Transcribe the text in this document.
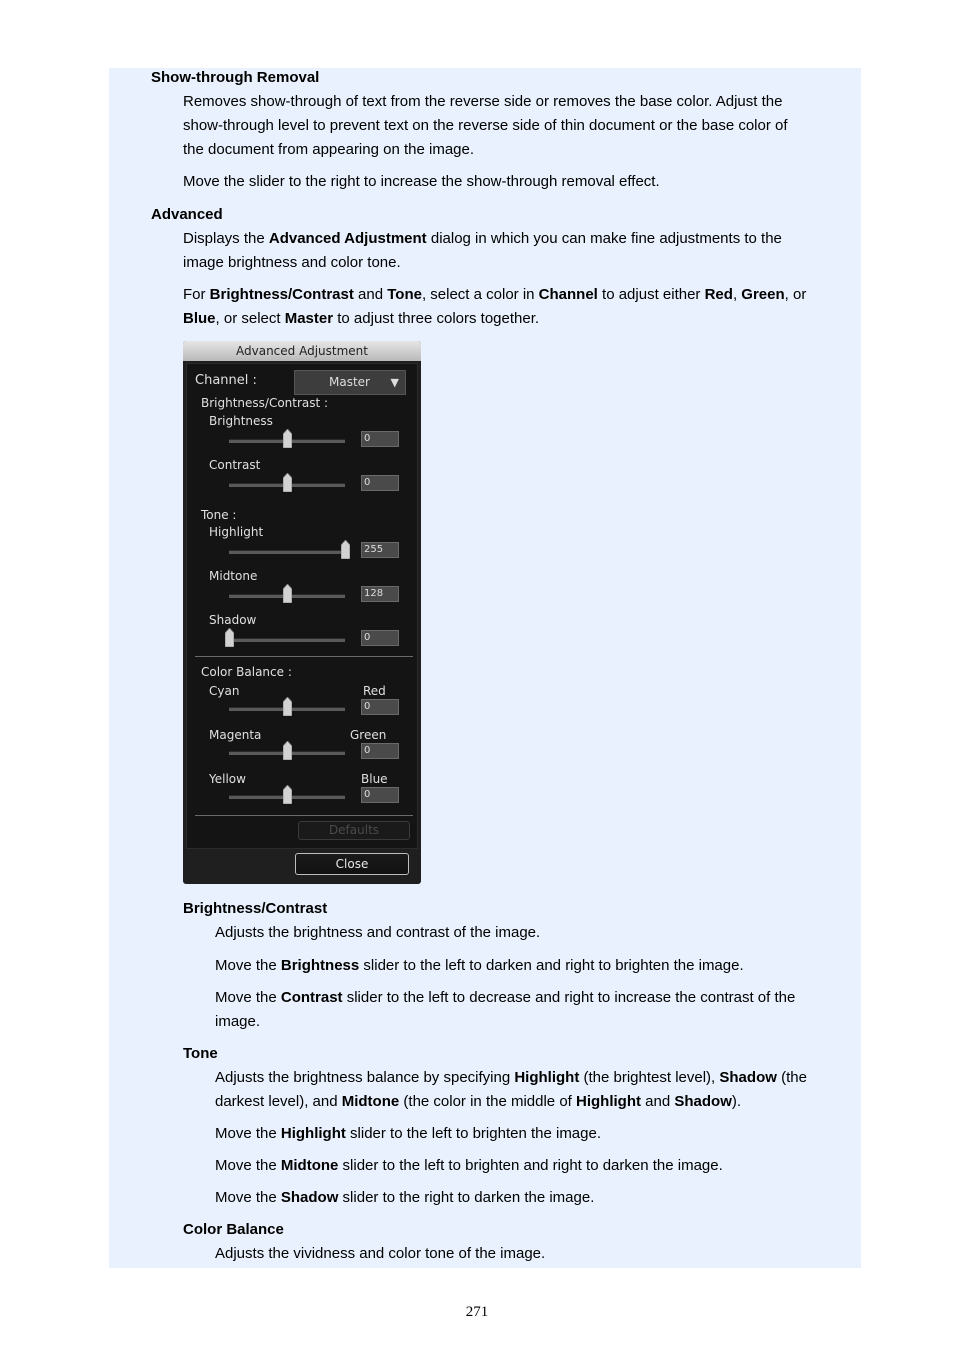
Show-through Removal
Removes show-through of text from the reverse side or removes the base color. Adjust the
show-through level to prevent text on the reverse side of thin document or the base color of
the document from appearing on the image.
Move the slider to the right to increase the show-through removal effect.
Advanced
Displays the Advanced Adjustment dialog in which you can make fine adjustments to the
image brightness and color tone.
For Brightness/Contrast and Tone, select a color in Channel to adjust either Red, Green, or
Blue, or select Master to adjust three colors together.
Advanced Adjustment
Channel :	Master ▼
Brightness/Contrast :
Brightness
0
Contrast
0
Tone :
Highlight
255
Midtone
128
Shadow
0
Color Balance :
Cyan	Red
0
Magenta	Green
0
Yellow	Blue
0
Defaults
Close
Brightness/Contrast
Adjusts the brightness and contrast of the image.
Move the Brightness slider to the left to darken and right to brighten the image.
Move the Contrast slider to the left to decrease and right to increase the contrast of the
image.
Tone
Adjusts the brightness balance by specifying Highlight (the brightest level), Shadow (the
darkest level), and Midtone (the color in the middle of Highlight and Shadow).
Move the Highlight slider to the left to brighten the image.
Move the Midtone slider to the left to brighten and right to darken the image.
Move the Shadow slider to the right to darken the image.
Color Balance
Adjusts the vividness and color tone of the image.
271
